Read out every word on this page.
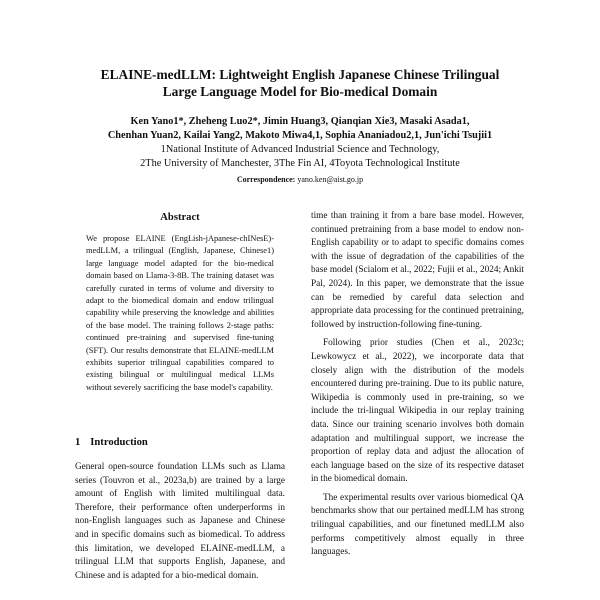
ELAINE-medLLM: Lightweight English Japanese Chinese Trilingual
Large Language Model for Bio-medical Domain
Ken Yano1*, Zheheng Luo2*, Jimin Huang3, Qianqian Xie3, Masaki Asada1,
Chenhan Yuan2, Kailai Yang2, Makoto Miwa4,1, Sophia Ananiadou2,1, Jun'ichi Tsujii1
1National Institute of Advanced Industrial Science and Technology,
2The University of Manchester, 3The Fin AI, 4Toyota Technological Institute
Correspondence: yano.ken@aist.go.jp
Abstract
We propose ELAINE (EngLish-jApanese-chINesE)-medLLM, a trilingual (English, Japanese, Chinese1) large language model adapted for the bio-medical domain based on Llama-3-8B. The training dataset was carefully curated in terms of volume and diversity to adapt to the biomedical domain and endow trilingual capability while preserving the knowledge and abilities of the base model. The training follows 2-stage paths: continued pre-training and supervised fine-tuning (SFT). Our results demonstrate that ELAINE-medLLM exhibits superior trilingual capabilities compared to existing bilingual or multilingual medical LLMs without severely sacrificing the base model's capability.
1 Introduction

General open-source foundation LLMs such as Llama series (Touvron et al., 2023a,b) are trained by a large amount of English with limited multilingual data. Therefore, their performance often underperforms in non-English languages such as Japanese and Chinese and in specific domains such as biomedical. To address this limitation, we developed ELAINE-medLLM, a trilingual LLM that supports English, Japanese, and Chinese and is adapted for a bio-medical domain.

time than training it from a bare base model. However, continued pretraining from a base model to endow non-English capability or to adapt to specific domains comes with the issue of degradation of the capabilities of the base model (Scialom et al., 2022; Fujii et al., 2024; Ankit Pal, 2024). In this paper, we demonstrate that the issue can be remedied by careful data selection and appropriate data processing for the continued pretraining, followed by instruction-following fine-tuning.

Following prior studies (Chen et al., 2023c; Lewkowycz et al., 2022), we incorporate data that closely align with the distribution of the models encountered during pre-training. Due to its public nature, Wikipedia is commonly used in pre-training, so we include the tri-lingual Wikipedia in our replay training data. Since our training scenario involves both domain adaptation and multilingual support, we increase the proportion of replay data and adjust the allocation of each language based on the size of its respective dataset in the biomedical domain.

The experimental results over various biomedical QA benchmarks show that our pertained medLLM has strong trilingual capabilities, and our finetuned medLLM also performs competitively almost equally in three languages.
